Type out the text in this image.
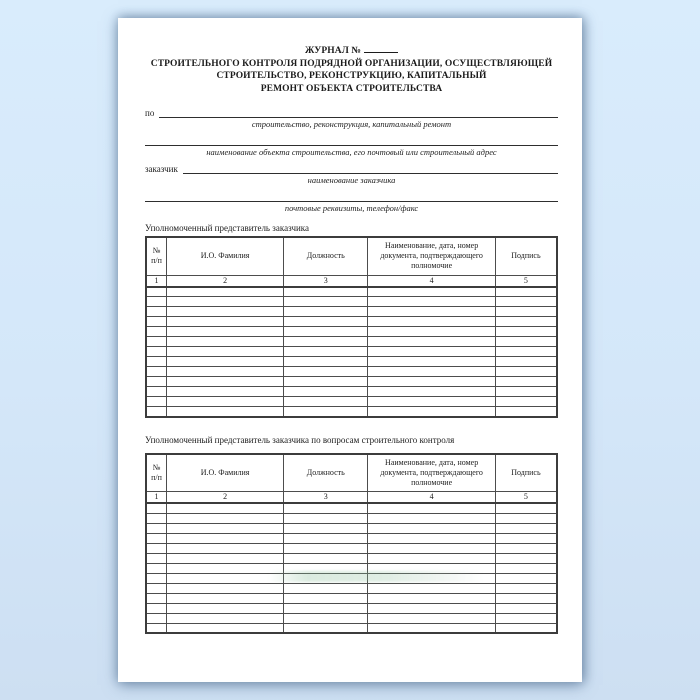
ЖУРНАЛ №
СТРОИТЕЛЬНОГО КОНТРОЛЯ ПОДРЯДНОЙ ОРГАНИЗАЦИИ, ОСУЩЕСТВЛЯЮЩЕЙ
СТРОИТЕЛЬСТВО, РЕКОНСТРУКЦИЮ, КАПИТАЛЬНЫЙ
РЕМОНТ ОБЪЕКТА СТРОИТЕЛЬСТВА
по
строительство, реконструкция, капитальный ремонт
наименование объекта строительства, его почтовый или строительный адрес
заказчик
наименование заказчика
почтовые реквизиты, телефон/факс
Уполномоченный представитель заказчика
№ п/п	И.О. Фамилия	Должность	Наименование, дата, номер документа, подтверждающего полномочие	Подпись
1	2	3	4	5

Уполномоченный представитель заказчика по вопросам строительного контроля
№ п/п	И.О. Фамилия	Должность	Наименование, дата, номер документа, подтверждающего полномочие	Подпись
1	2	3	4	5
